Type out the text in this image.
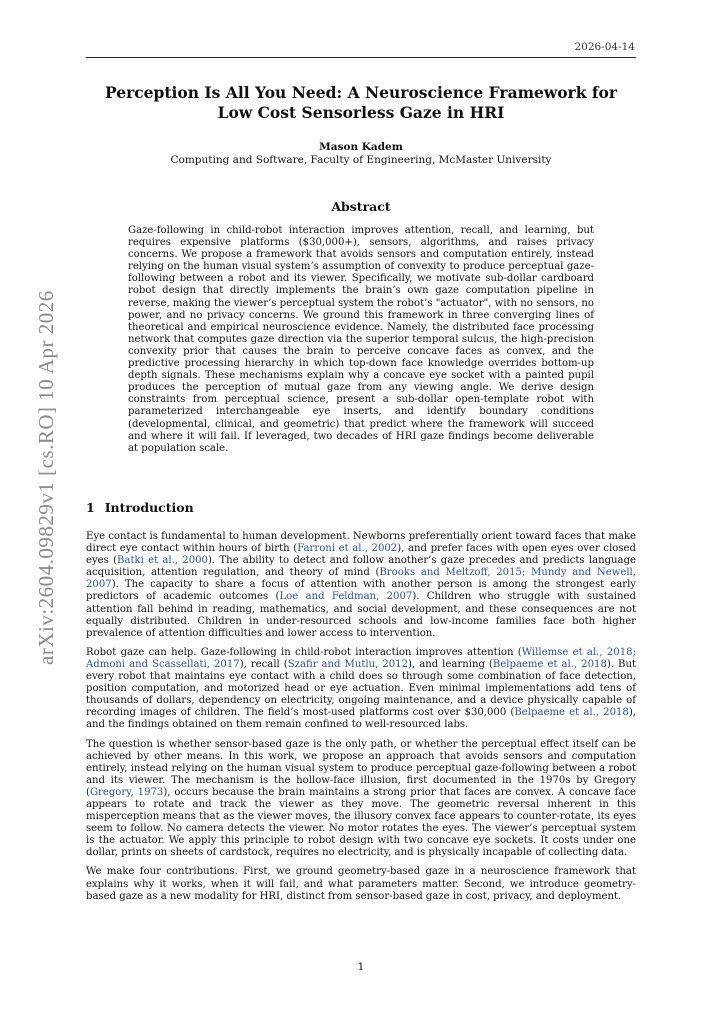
2026-04-14
arXiv:2604.09829v1 [cs.RO] 10 Apr 2026
Perception Is All You Need: A Neuroscience Framework for Low Cost Sensorless Gaze in HRI
Mason Kadem
Computing and Software, Faculty of Engineering, McMaster University
Abstract

Gaze-following in child-robot interaction improves attention, recall, and learning, but requires expensive platforms ($30,000+), sensors, algorithms, and raises privacy concerns. We propose a framework that avoids sensors and computation entirely, instead relying on the human visual system’s assumption of convexity to produce perceptual gaze-following between a robot and its viewer. Specifically, we motivate sub-dollar cardboard robot design that directly implements the brain’s own gaze computation pipeline in reverse, making the viewer’s perceptual system the robot’s "actuator", with no sensors, no power, and no privacy concerns. We ground this framework in three converging lines of theoretical and empirical neuroscience evidence. Namely, the distributed face processing network that computes gaze direction via the superior temporal sulcus, the high-precision convexity prior that causes the brain to perceive concave faces as convex, and the predictive processing hierarchy in which top-down face knowledge overrides bottom-up depth signals. These mechanisms explain why a concave eye socket with a painted pupil produces the perception of mutual gaze from any viewing angle. We derive design constraints from perceptual science, present a sub-dollar open-template robot with parameterized interchangeable eye inserts, and identify boundary conditions (developmental, clinical, and geometric) that predict where the framework will succeed and where it will fail. If leveraged, two decades of HRI gaze findings become deliverable at population scale.

1 Introduction

Eye contact is fundamental to human development. Newborns preferentially orient toward faces that make direct eye contact within hours of birth (Farroni et al., 2002), and prefer faces with open eyes over closed eyes (Batki et al., 2000). The ability to detect and follow another’s gaze precedes and predicts language acquisition, attention regulation, and theory of mind (Brooks and Meltzoff, 2015; Mundy and Newell, 2007). The capacity to share a focus of attention with another person is among the strongest early predictors of academic outcomes (Loe and Feldman, 2007). Children who struggle with sustained attention fall behind in reading, mathematics, and social development, and these consequences are not equally distributed. Children in under-resourced schools and low-income families face both higher prevalence of attention difficulties and lower access to intervention.

Robot gaze can help. Gaze-following in child-robot interaction improves attention (Willemse et al., 2018; Admoni and Scassellati, 2017), recall (Szafir and Mutlu, 2012), and learning (Belpaeme et al., 2018). But every robot that maintains eye contact with a child does so through some combination of face detection, position computation, and motorized head or eye actuation. Even minimal implementations add tens of thousands of dollars, dependency on electricity, ongoing maintenance, and a device physically capable of recording images of children. The field’s most-used platforms cost over $30,000 (Belpaeme et al., 2018), and the findings obtained on them remain confined to well-resourced labs.

The question is whether sensor-based gaze is the only path, or whether the perceptual effect itself can be achieved by other means. In this work, we propose an approach that avoids sensors and computation entirely, instead relying on the human visual system to produce perceptual gaze-following between a robot and its viewer. The mechanism is the hollow-face illusion, first documented in the 1970s by Gregory (Gregory, 1973), occurs because the brain maintains a strong prior that faces are convex. A concave face appears to rotate and track the viewer as they move. The geometric reversal inherent in this misperception means that as the viewer moves, the illusory convex face appears to counter-rotate, its eyes seem to follow. No camera detects the viewer. No motor rotates the eyes. The viewer’s perceptual system is the actuator. We apply this principle to robot design with two concave eye sockets. It costs under one dollar, prints on sheets of cardstock, requires no electricity, and is physically incapable of collecting data.

We make four contributions. First, we ground geometry-based gaze in a neuroscience framework that explains why it works, when it will fail, and what parameters matter. Second, we introduce geometry-based gaze as a new modality for HRI, distinct from sensor-based gaze in cost, privacy, and deployment.

1
